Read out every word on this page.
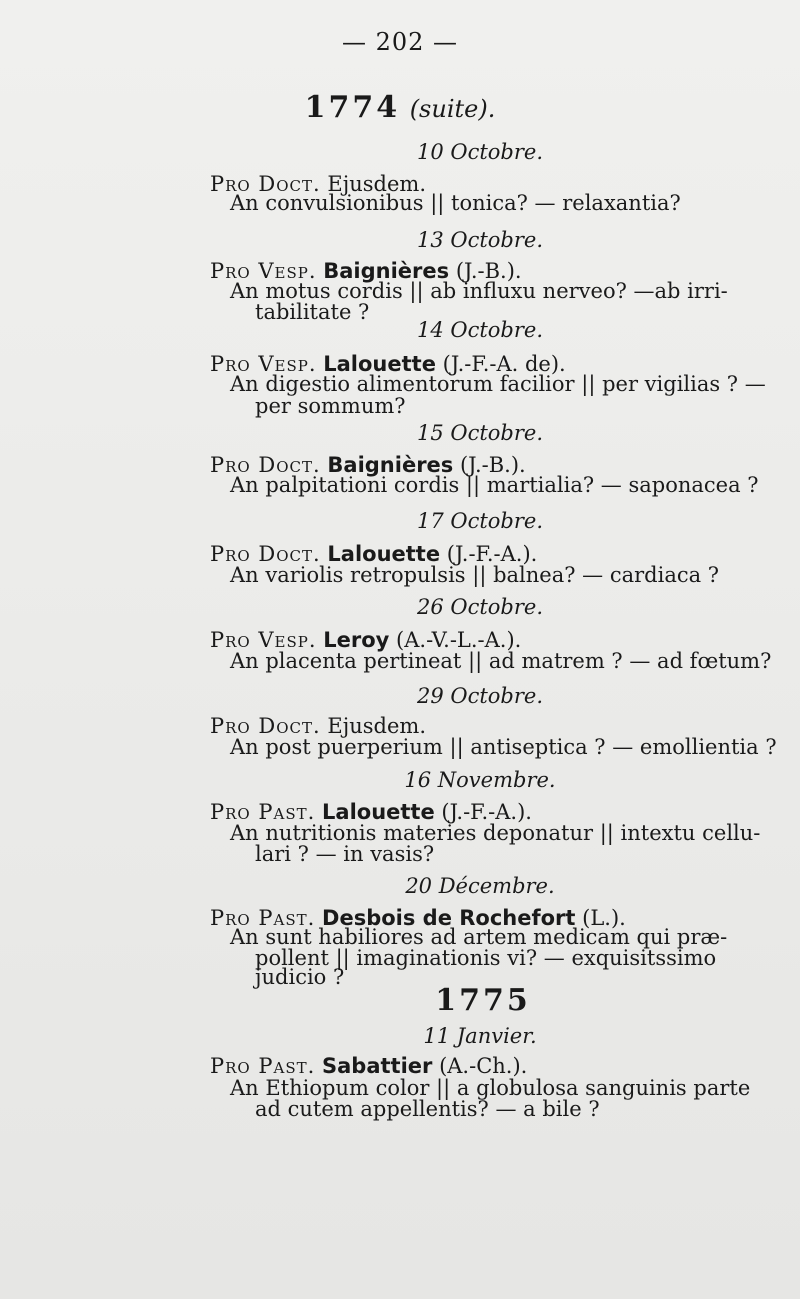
— 202 —
1774 (suite).
10 Octobre.
Pro Doct. Ejusdem.
An convulsionibus || tonica? — relaxantia?
13 Octobre.
Pro Vesp. Baignières (J.-B.).
An motus cordis || ab influxu nerveo? —ab irri-
tabilitate ?
14 Octobre.
Pro Vesp. Lalouette (J.-F.-A. de).
An digestio alimentorum facilior || per vigilias ? —
per sommum?
15 Octobre.
Pro Doct. Baignières (J.-B.).
An palpitationi cordis || martialia? — saponacea ?
17 Octobre.
Pro Doct. Lalouette (J.-F.-A.).
An variolis retropulsis || balnea? — cardiaca ?
26 Octobre.
Pro Vesp. Leroy (A.-V.-L.-A.).
An placenta pertineat || ad matrem ? — ad fœtum?
29 Octobre.
Pro Doct. Ejusdem.
An post puerperium || antiseptica ? — emollientia ?
16 Novembre.
Pro Past. Lalouette (J.-F.-A.).
An nutritionis materies deponatur || intextu cellu-
lari ? — in vasis?
20 Décembre.
Pro Past. Desbois de Rochefort (L.).
An sunt habiliores ad artem medicam qui præ-
pollent || imaginationis vi? — exquisitssimo
judicio ?
1775
11 Janvier.
Pro Past. Sabattier (A.-Ch.).
An Ethiopum color || a globulosa sanguinis parte
ad cutem appellentis? — a bile ?
